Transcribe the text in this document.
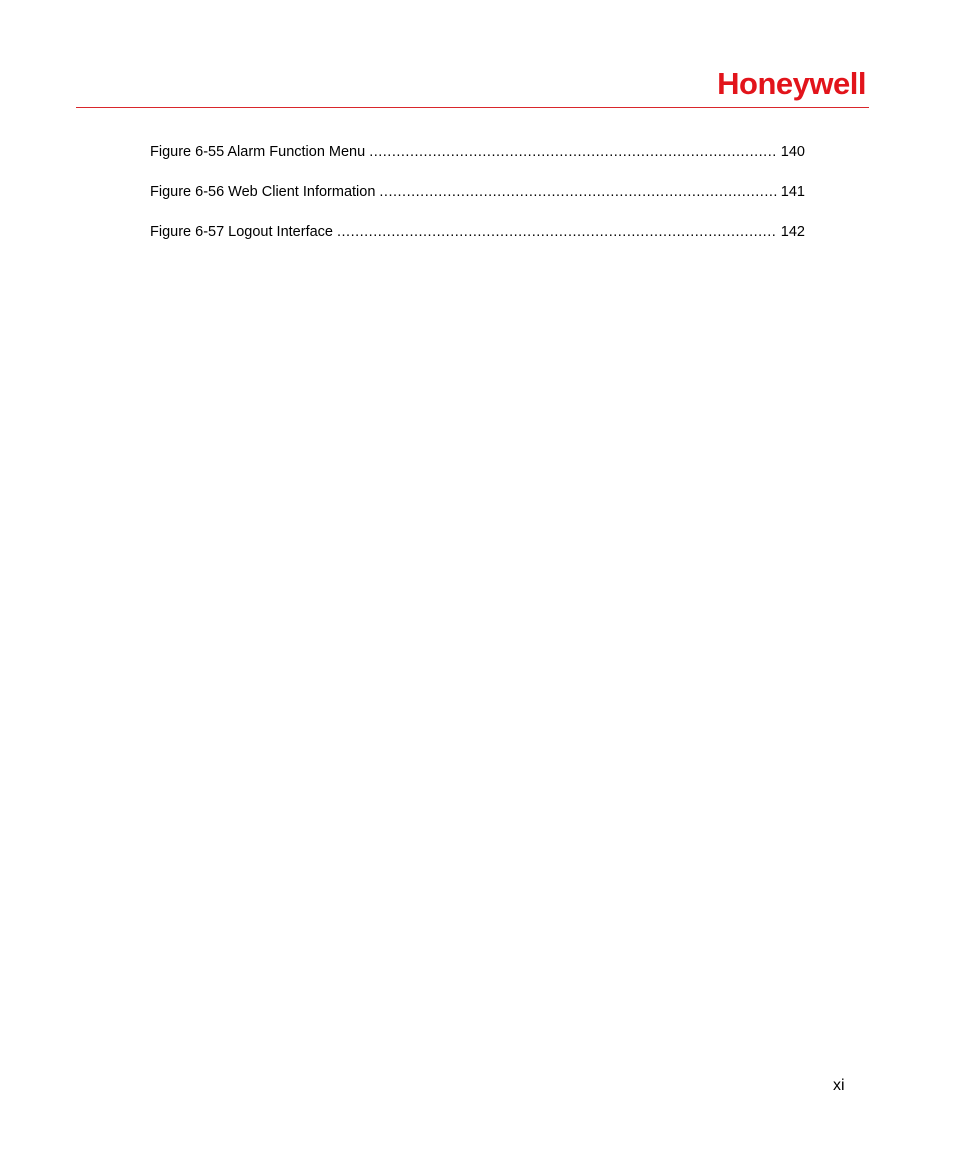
Honeywell
Figure 6-55 Alarm Function Menu .....	140
Figure 6-56 Web Client Information .....	141
Figure 6-57 Logout Interface .....	142
xi
